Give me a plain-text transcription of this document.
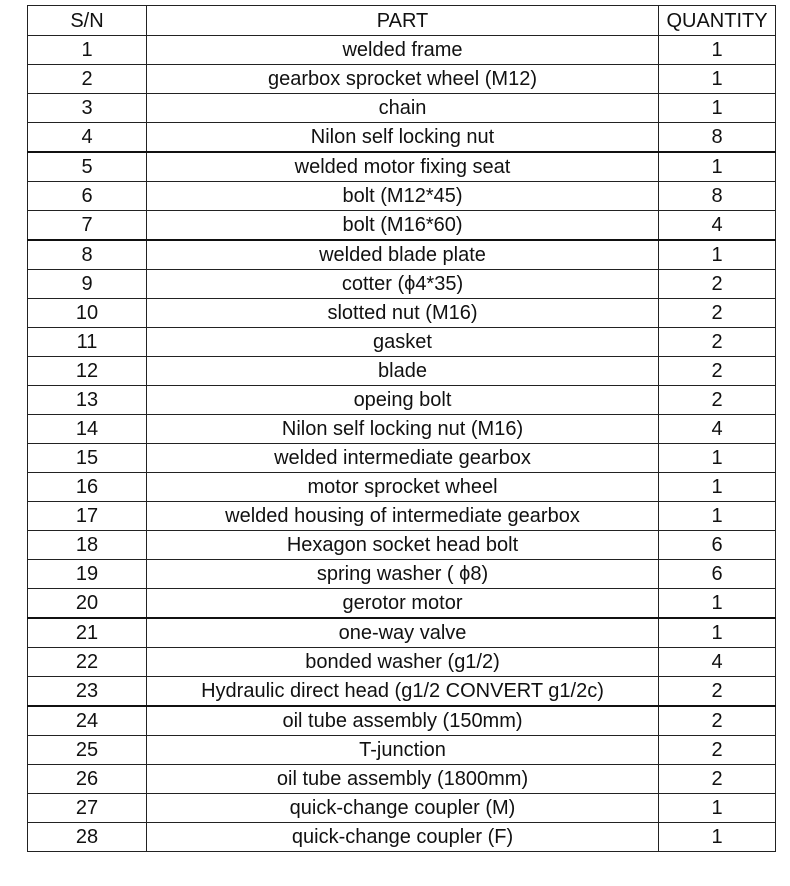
S/N	PART	QUANTITY
1	welded frame	1
2	gearbox sprocket wheel (M12)	1
3	chain	1
4	Nilon self locking nut	8
5	welded motor fixing seat	1
6	bolt (M12*45)	8
7	bolt (M16*60)	4
8	welded blade plate	1
9	cotter (ϕ4*35)	2
10	slotted nut (M16)	2
11	gasket	2
12	blade	2
13	opeing bolt	2
14	Nilon self locking nut (M16)	4
15	welded intermediate gearbox	1
16	motor sprocket wheel	1
17	welded housing of intermediate gearbox	1
18	Hexagon socket head bolt	6
19	spring washer ( ϕ8)	6
20	gerotor motor	1
21	one-way valve	1
22	bonded washer (g1/2)	4
23	Hydraulic direct head (g1/2 CONVERT g1/2c)	2
24	oil tube assembly (150mm)	2
25	T-junction	2
26	oil tube assembly (1800mm)	2
27	quick-change coupler (M)	1
28	quick-change coupler (F)	1
